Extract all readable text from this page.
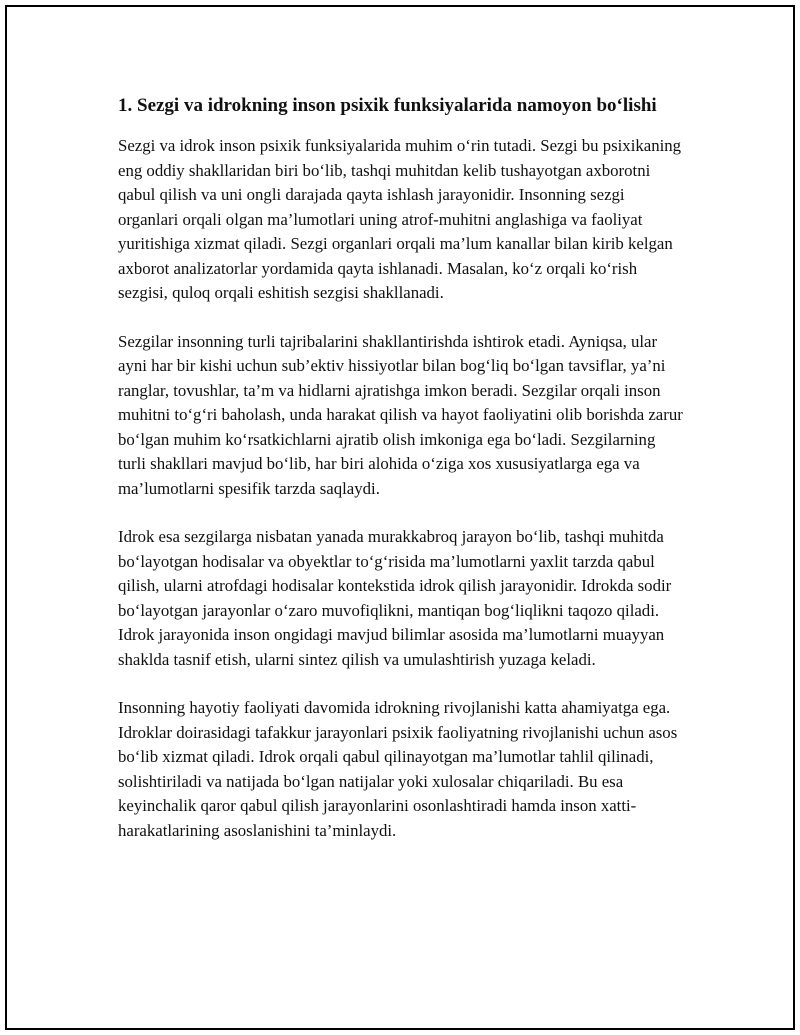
1. Sezgi va idrokning inson psixik funksiyalarida namoyon bo‘lishi

Sezgi va idrok inson psixik funksiyalarida muhim o‘rin tutadi. Sezgi bu psixikaning eng oddiy shakllaridan biri bo‘lib, tashqi muhitdan kelib tushayotgan axborotni qabul qilish va uni ongli darajada qayta ishlash jarayonidir. Insonning sezgi organlari orqali olgan ma’lumotlari uning atrof-muhitni anglashiga va faoliyat yuritishiga xizmat qiladi. Sezgi organlari orqali ma’lum kanallar bilan kirib kelgan axborot analizatorlar yordamida qayta ishlanadi. Masalan, ko‘z orqali ko‘rish sezgisi, quloq orqali eshitish sezgisi shakllanadi.

Sezgilar insonning turli tajribalarini shakllantirishda ishtirok etadi. Ayniqsa, ular ayni har bir kishi uchun sub’ektiv hissiyotlar bilan bog‘liq bo‘lgan tavsiflar, ya’ni ranglar, tovushlar, ta’m va hidlarni ajratishga imkon beradi. Sezgilar orqali inson muhitni to‘g‘ri baholash, unda harakat qilish va hayot faoliyatini olib borishda zarur bo‘lgan muhim ko‘rsatkichlarni ajratib olish imkoniga ega bo‘ladi. Sezgilarning turli shakllari mavjud bo‘lib, har biri alohida o‘ziga xos xususiyatlarga ega va ma’lumotlarni spesifik tarzda saqlaydi.

Idrok esa sezgilarga nisbatan yanada murakkabroq jarayon bo‘lib, tashqi muhitda bo‘layotgan hodisalar va obyektlar to‘g‘risida ma’lumotlarni yaxlit tarzda qabul qilish, ularni atrofdagi hodisalar kontekstida idrok qilish jarayonidir. Idrokda sodir bo‘layotgan jarayonlar o‘zaro muvofiqlikni, mantiqan bog‘liqlikni taqozo qiladi. Idrok jarayonida inson ongidagi mavjud bilimlar asosida ma’lumotlarni muayyan shaklda tasnif etish, ularni sintez qilish va umulashtirish yuzaga keladi.

Insonning hayotiy faoliyati davomida idrokning rivojlanishi katta ahamiyatga ega. Idroklar doirasidagi tafakkur jarayonlari psixik faoliyatning rivojlanishi uchun asos bo‘lib xizmat qiladi. Idrok orqali qabul qilinayotgan ma’lumotlar tahlil qilinadi, solishtiriladi va natijada bo‘lgan natijalar yoki xulosalar chiqariladi. Bu esa keyinchalik qaror qabul qilish jarayonlarini osonlashtiradi hamda inson xatti-harakatlarining asoslanishini ta’minlaydi.
